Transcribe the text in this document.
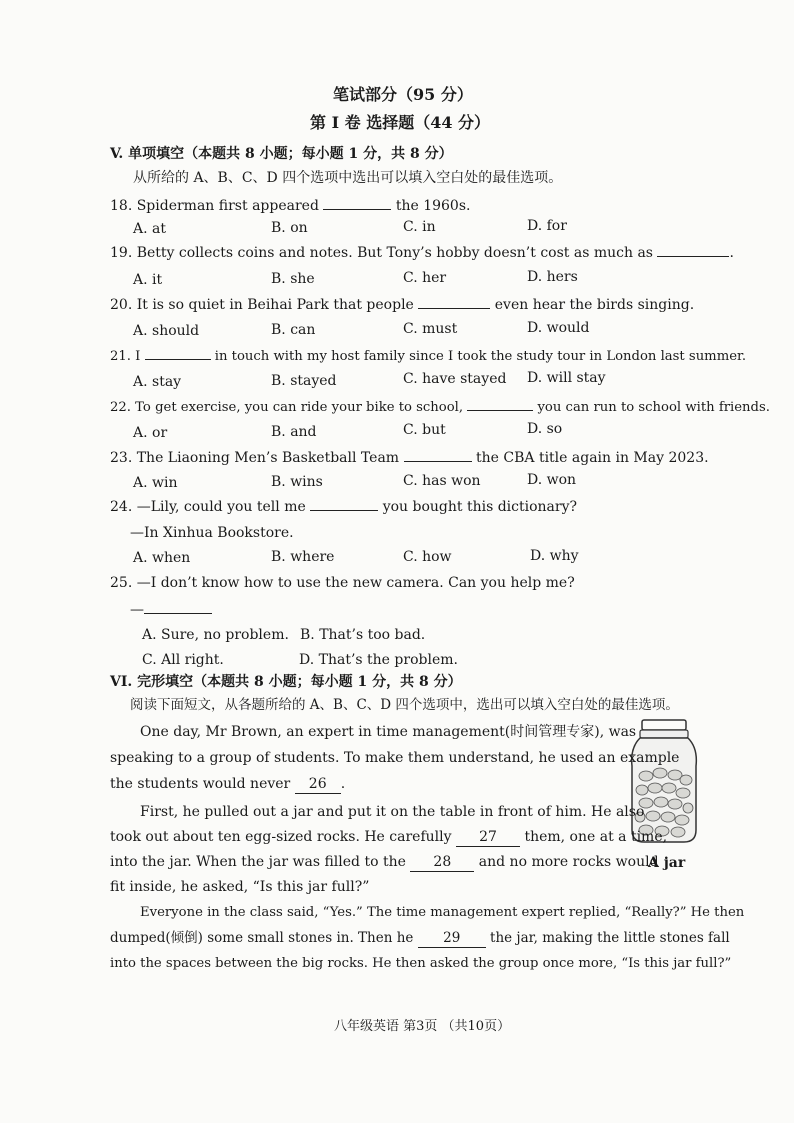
笔试部分（95 分）
第 I 卷 选择题（44 分）
V. 单项填空（本题共 8 小题；每小题 1 分，共 8 分）
从所给的 A、B、C、D 四个选项中选出可以填入空白处的最佳选项。
18. Spiderman first appeared	the 1960s.
A. at	B. on	C. in	D. for
19. Betty collects coins and notes. But Tony’s hobby doesn’t cost as much as	.
A. it	B. she	C. her	D. hers
20. It is so quiet in Beihai Park that people	even hear the birds singing.
A. should	B. can	C. must	D. would
21. I	in touch with my host family since I took the study tour in London last summer.
A. stay	B. stayed	C. have stayed D. will stay
22. To get exercise, you can ride your bike to school,	you can run to school with friends.
A. or	B. and	C. but	D. so
23. The Liaoning Men’s Basketball Team	the CBA title again in May 2023.
A. win	B. wins	C. has won	D. won
24. —Lily, could you tell me	you bought this dictionary?
—In Xinhua Bookstore.
A. when	B. where	C. how	D. why
25. —I don’t know how to use the new camera. Can you help me?
—
A. Sure, no problem. B. That’s too bad.
C. All right.	D. That’s the problem.
VI. 完形填空（本题共 8 小题；每小题 1 分，共 8 分）
阅读下面短文，从各题所给的 A、B、C、D 四个选项中，选出可以填入空白处的最佳选项。
A jar
One day, Mr Brown, an expert in time management(时间管理专家), was
speaking to a group of students. To make them understand, he used an example
the students would never 26 .
First, he pulled out a jar and put it on the table in front of him. He also
took out about ten egg-sized rocks. He carefully 27 them, one at a time,
into the jar. When the jar was filled to the 28 and no more rocks would
fit inside, he asked, “Is this jar full?”
Everyone in the class said, “Yes.” The time management expert replied, “Really?” He then
dumped(倾倒) some small stones in. Then he 29 the jar, making the little stones fall
into the spaces between the big rocks. He then asked the group once more, “Is this jar full?”
八年级英语 第3页 （共10页）
